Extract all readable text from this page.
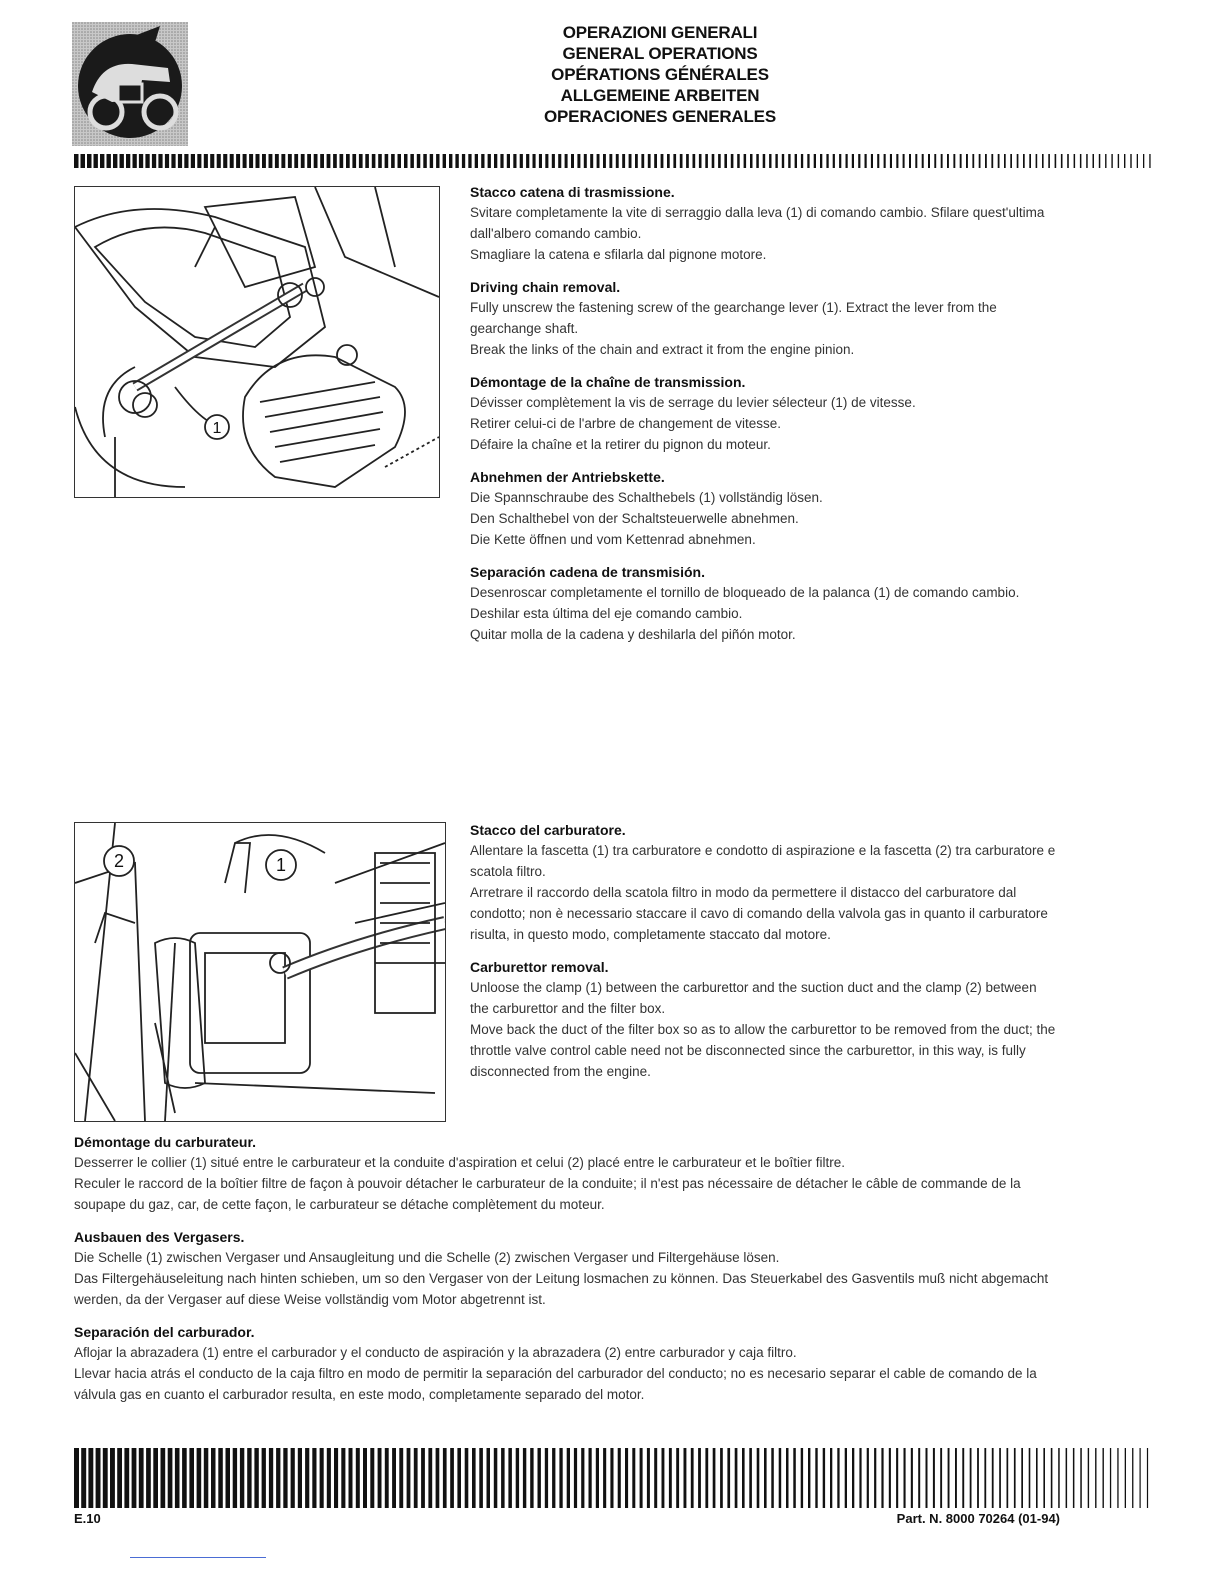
OPERAZIONI GENERALI
GENERAL OPERATIONS
OPÉRATIONS GÉNÉRALES
ALLGEMEINE ARBEITEN
OPERACIONES GENERALES
1
Stacco catena di trasmissione.

Svitare completamente la vite di serraggio dalla leva (1) di comando cambio. Sfilare quest'ultima dall'albero comando cambio.

Smagliare la catena e sfilarla dal pignone motore.

Driving chain removal.

Fully unscrew the fastening screw of the gearchange lever (1). Extract the lever from the gearchange shaft.

Break the links of the chain and extract it from the engine pinion.

Démontage de la chaîne de transmission.

Dévisser complètement la vis de serrage du levier sélecteur (1) de vitesse.

Retirer celui-ci de l'arbre de changement de vitesse.

Défaire la chaîne et la retirer du pignon du moteur.

Abnehmen der Antriebskette.

Die Spannschraube des Schalthebels (1) vollständig lösen.

Den Schalthebel von der Schaltsteuerwelle abnehmen.

Die Kette öffnen und vom Kettenrad abnehmen.

Separación cadena de transmisión.

Desenroscar completamente el tornillo de bloqueado de la palanca (1) de comando cambio.

Deshilar esta última del eje comando cambio.

Quitar molla de la cadena y deshilarla del piñón motor.

2	1
Stacco del carburatore.

Allentare la fascetta (1) tra carburatore e condotto di aspirazione e la fascetta (2) tra carburatore e scatola filtro.

Arretrare il raccordo della scatola filtro in modo da permettere il distacco del carburatore dal condotto; non è necessario staccare il cavo di comando della valvola gas in quanto il carburatore risulta, in questo modo, completamente staccato dal motore.

Carburettor removal.

Unloose the clamp (1) between the carburettor and the suction duct and the clamp (2) between the carburettor and the filter box.

Move back the duct of the filter box so as to allow the carburettor to be removed from the duct; the throttle valve control cable need not be disconnected since the carburettor, in this way, is fully disconnected from the engine.

Démontage du carburateur.

Desserrer le collier (1) situé entre le carburateur et la conduite d'aspiration et celui (2) placé entre le carburateur et le boîtier filtre.

Reculer le raccord de la boîtier filtre de façon à pouvoir détacher le carburateur de la conduite; il n'est pas nécessaire de détacher le câble de commande de la soupape du gaz, car, de cette façon, le carburateur se détache complètement du moteur.

Ausbauen des Vergasers.

Die Schelle (1) zwischen Vergaser und Ansaugleitung und die Schelle (2) zwischen Vergaser und Filtergehäuse lösen.

Das Filtergehäuseleitung nach hinten schieben, um so den Vergaser von der Leitung losmachen zu können. Das Steuerkabel des Gasventils muß nicht abgemacht werden, da der Vergaser auf diese Weise vollständig vom Motor abgetrennt ist.

Separación del carburador.

Aflojar la abrazadera (1) entre el carburador y el conducto de aspiración y la abrazadera (2) entre carburador y caja filtro.

Llevar hacia atrás el conducto de la caja filtro en modo de permitir la separación del carburador del conducto; no es necesario separar el cable de comando de la válvula gas en cuanto el carburador resulta, en este modo, completamente separado del motor.

E.10	Part. N. 8000 70264 (01-94)
